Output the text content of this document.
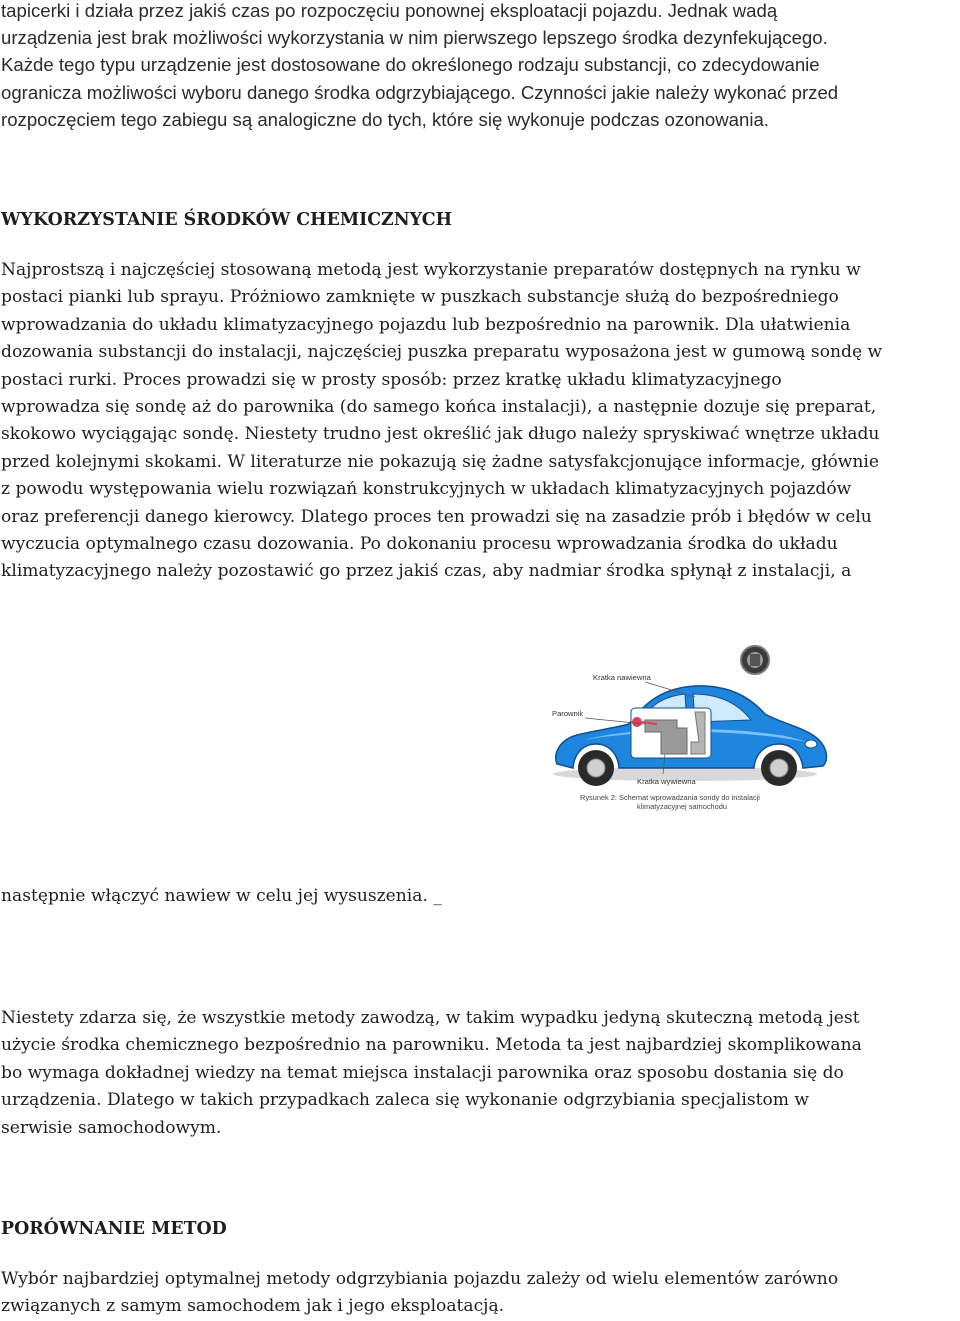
tapicerki i działa przez jakiś czas po rozpoczęciu ponownej eksploatacji pojazdu. Jednak wadą
urządzenia jest brak możliwości wykorzystania w nim pierwszego lepszego środka dezynfekującego.
Każde tego typu urządzenie jest dostosowane do określonego rodzaju substancji, co zdecydowanie
ogranicza możliwości wyboru danego środka odgrzybiającego. Czynności jakie należy wykonać przed
rozpoczęciem tego zabiegu są analogiczne do tych, które się wykonuje podczas ozonowania.

WYKORZYSTANIE ŚRODKÓW CHEMICZNYCH

Najprostszą i najczęściej stosowaną metodą jest wykorzystanie preparatów dostępnych na rynku w
postaci pianki lub sprayu. Próżniowo zamknięte w puszkach substancje służą do bezpośredniego
wprowadzania do układu klimatyzacyjnego pojazdu lub bezpośrednio na parownik. Dla ułatwienia
dozowania substancji do instalacji, najczęściej puszka preparatu wyposażona jest w gumową sondę w
postaci rurki. Proces prowadzi się w prosty sposób: przez kratkę układu klimatyzacyjnego
wprowadza się sondę aż do parownika (do samego końca instalacji), a następnie dozuje się preparat,
skokowo wyciągając sondę. Niestety trudno jest określić jak długo należy spryskiwać wnętrze układu
przed kolejnymi skokami. W literaturze nie pokazują się żadne satysfakcjonujące informacje, głównie
z powodu występowania wielu rozwiązań konstrukcyjnych w układach klimatyzacyjnych pojazdów
oraz preferencji danego kierowcy. Dlatego proces ten prowadzi się na zasadzie prób i błędów w celu
wyczucia optymalnego czasu dozowania. Po dokonaniu procesu wprowadzania środka do układu
klimatyzacyjnego należy pozostawić go przez jakiś czas, aby nadmiar środka spłynął z instalacji, a

Kratka nawiewna
Parownik
Kratka wywiewna
Rysunek 2: Schemat wprowadzania sondy do instalacji
klimatyzacyjnej samochodu

następnie włączyć nawiew w celu jej wysuszenia. _

Niestety zdarza się, że wszystkie metody zawodzą, w takim wypadku jedyną skuteczną metodą jest
użycie środka chemicznego bezpośrednio na parowniku. Metoda ta jest najbardziej skomplikowana
bo wymaga dokładnej wiedzy na temat miejsca instalacji parownika oraz sposobu dostania się do
urządzenia. Dlatego w takich przypadkach zaleca się wykonanie odgrzybiania specjalistom w
serwisie samochodowym.

PORÓWNANIE METOD

Wybór najbardziej optymalnej metody odgrzybiania pojazdu zależy od wielu elementów zarówno
związanych z samym samochodem jak i jego eksploatacją.
